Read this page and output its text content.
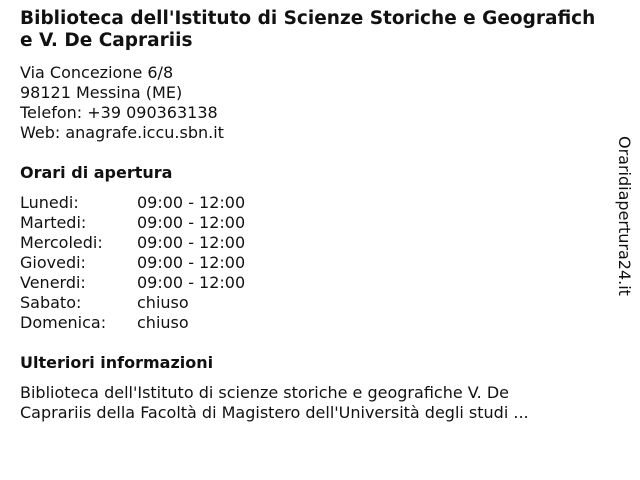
Biblioteca dell'Istituto di Scienze Storiche e Geografiche V. De Caprariis
Via Concezione 6/8
98121 Messina (ME)
Telefon: +39 090363138
Web: anagrafe.iccu.sbn.it
Orari di apertura
Lunedi:	09:00 - 12:00
Martedi:	09:00 - 12:00
Mercoledi:	09:00 - 12:00
Giovedi:	09:00 - 12:00
Venerdi:	09:00 - 12:00
Sabato:	chiuso
Domenica:	chiuso
Ulteriori informazioni
Biblioteca dell'Istituto di scienze storiche e geografiche V. De Caprariis della Facoltà di Magistero dell'Università degli studi ...
Oraridiapertura24.it
